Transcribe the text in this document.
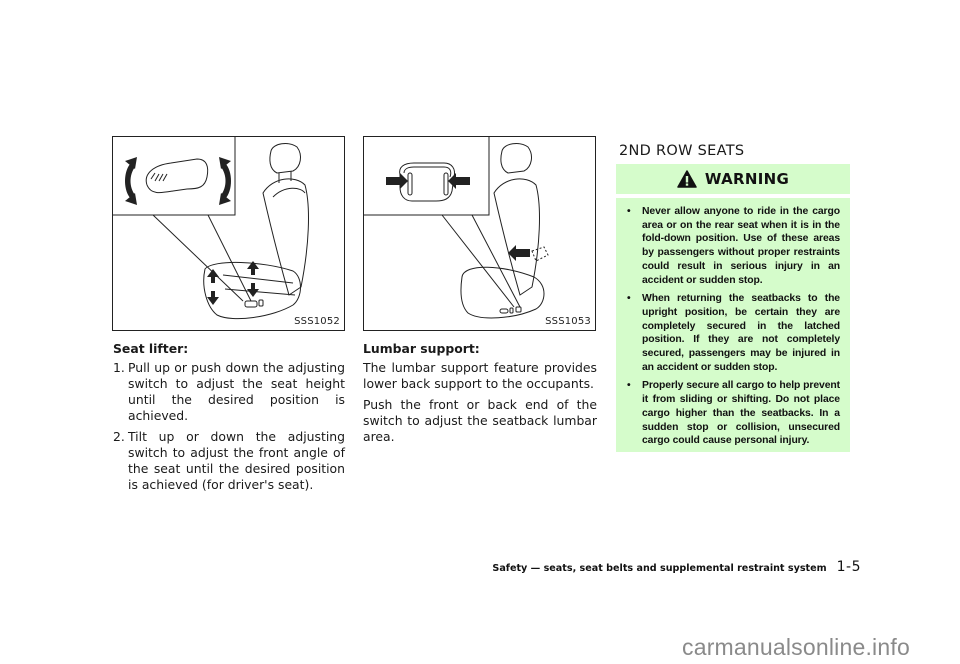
SSS1052	SSS1053
Seat lifter:
1. Pull up or push down the adjusting switch to adjust the seat height until the desired position is achieved.
2. Tilt up or down the adjusting switch to adjust the front angle of the seat until the desired position is achieved (for driver's seat).
Lumbar support:

The lumbar support feature provides lower back support to the occupants.

Push the front or back end of the switch to adjust the seatback lumbar area.

2ND ROW SEATS
WARNING
• Never allow anyone to ride in the cargo area or on the rear seat when it is in the fold-down position. Use of these areas by passengers without proper restraints could result in serious injury in an accident or sudden stop.
• When returning the seatbacks to the upright position, be certain they are completely secured in the latched position. If they are not completely secured, passengers may be injured in an accident or sudden stop.
• Properly secure all cargo to help prevent it from sliding or shifting. Do not place cargo higher than the seatbacks. In a sudden stop or collision, unsecured cargo could cause personal injury.
Safety — seats, seat belts and supplemental restraint system 1-5
carmanualsonline.info
